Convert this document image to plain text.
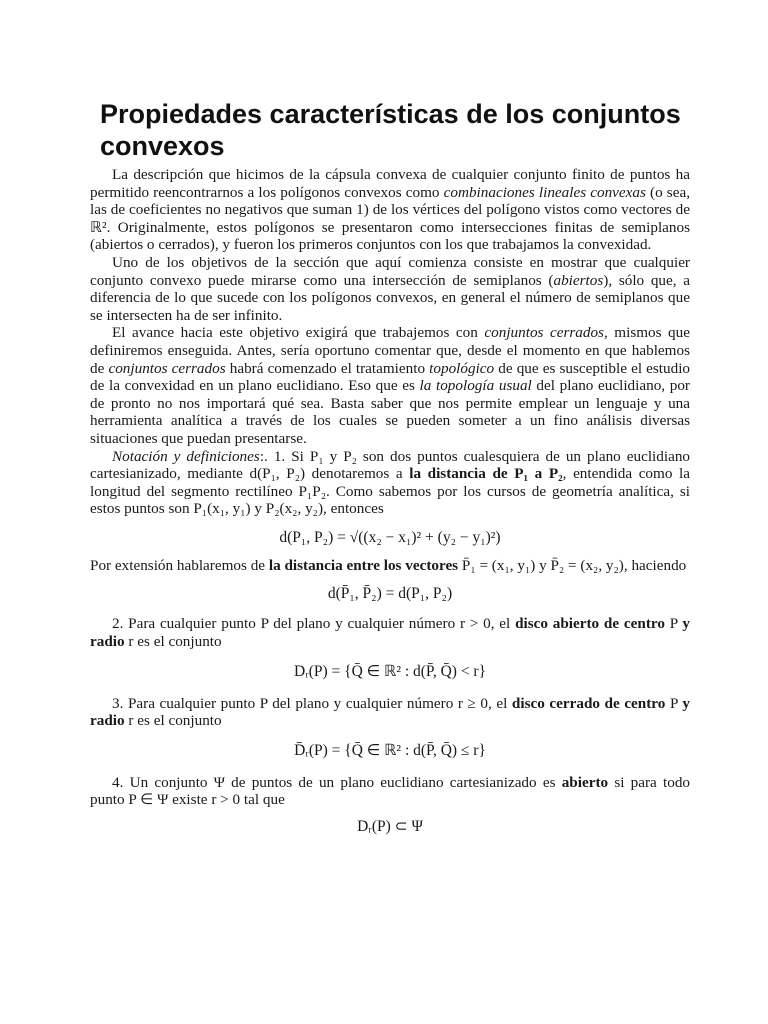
Propiedades características de los conjuntos convexos

La descripción que hicimos de la cápsula convexa de cualquier conjunto finito de puntos ha permitido reencontrarnos a los polígonos convexos como combinaciones lineales convexas (o sea, las de coeficientes no negativos que suman 1) de los vértices del polígono vistos como vectores de ℝ². Originalmente, estos polígonos se presentaron como intersecciones finitas de semiplanos (abiertos o cerrados), y fueron los primeros conjuntos con los que trabajamos la convexidad.

Uno de los objetivos de la sección que aquí comienza consiste en mostrar que cualquier conjunto convexo puede mirarse como una intersección de semiplanos (abiertos), sólo que, a diferencia de lo que sucede con los polígonos convexos, en general el número de semiplanos que se intersecten ha de ser infinito.

El avance hacia este objetivo exigirá que trabajemos con conjuntos cerrados, mismos que definiremos enseguida. Antes, sería oportuno comentar que, desde el momento en que hablemos de conjuntos cerrados habrá comenzado el tratamiento topológico de que es susceptible el estudio de la convexidad en un plano euclidiano. Eso que es la topología usual del plano euclidiano, por de pronto no nos importará qué sea. Basta saber que nos permite emplear un lenguaje y una herramienta analítica a través de los cuales se pueden someter a un fino análisis diversas situaciones que puedan presentarse.

Notación y definiciones:. 1. Si P₁ y P₂ son dos puntos cualesquiera de un plano euclidiano cartesianizado, mediante d(P₁, P₂) denotaremos a la distancia de P₁ a P₂, entendida como la longitud del segmento rectilíneo P₁P₂. Como sabemos por los cursos de geometría analítica, si estos puntos son P₁(x₁, y₁) y P₂(x₂, y₂), entonces

d(P₁, P₂) = √((x₂ − x₁)² + (y₂ − y₁)²)

Por extensión hablaremos de la distancia entre los vectores P̄₁ = (x₁, y₁) y P̄₂ = (x₂, y₂), haciendo

d(P̄₁, P̄₂) = d(P₁, P₂)

2. Para cualquier punto P del plano y cualquier número r > 0, el disco abierto de centro P y radio r es el conjunto

Dᵣ(P) = {Q̄ ∈ ℝ² : d(P̄, Q̄) < r}

3. Para cualquier punto P del plano y cualquier número r ≥ 0, el disco cerrado de centro P y radio r es el conjunto

D̄ᵣ(P) = {Q̄ ∈ ℝ² : d(P̄, Q̄) ≤ r}

4. Un conjunto Ψ de puntos de un plano euclidiano cartesianizado es abierto si para todo punto P ∈ Ψ existe r > 0 tal que

Dᵣ(P) ⊂ Ψ
